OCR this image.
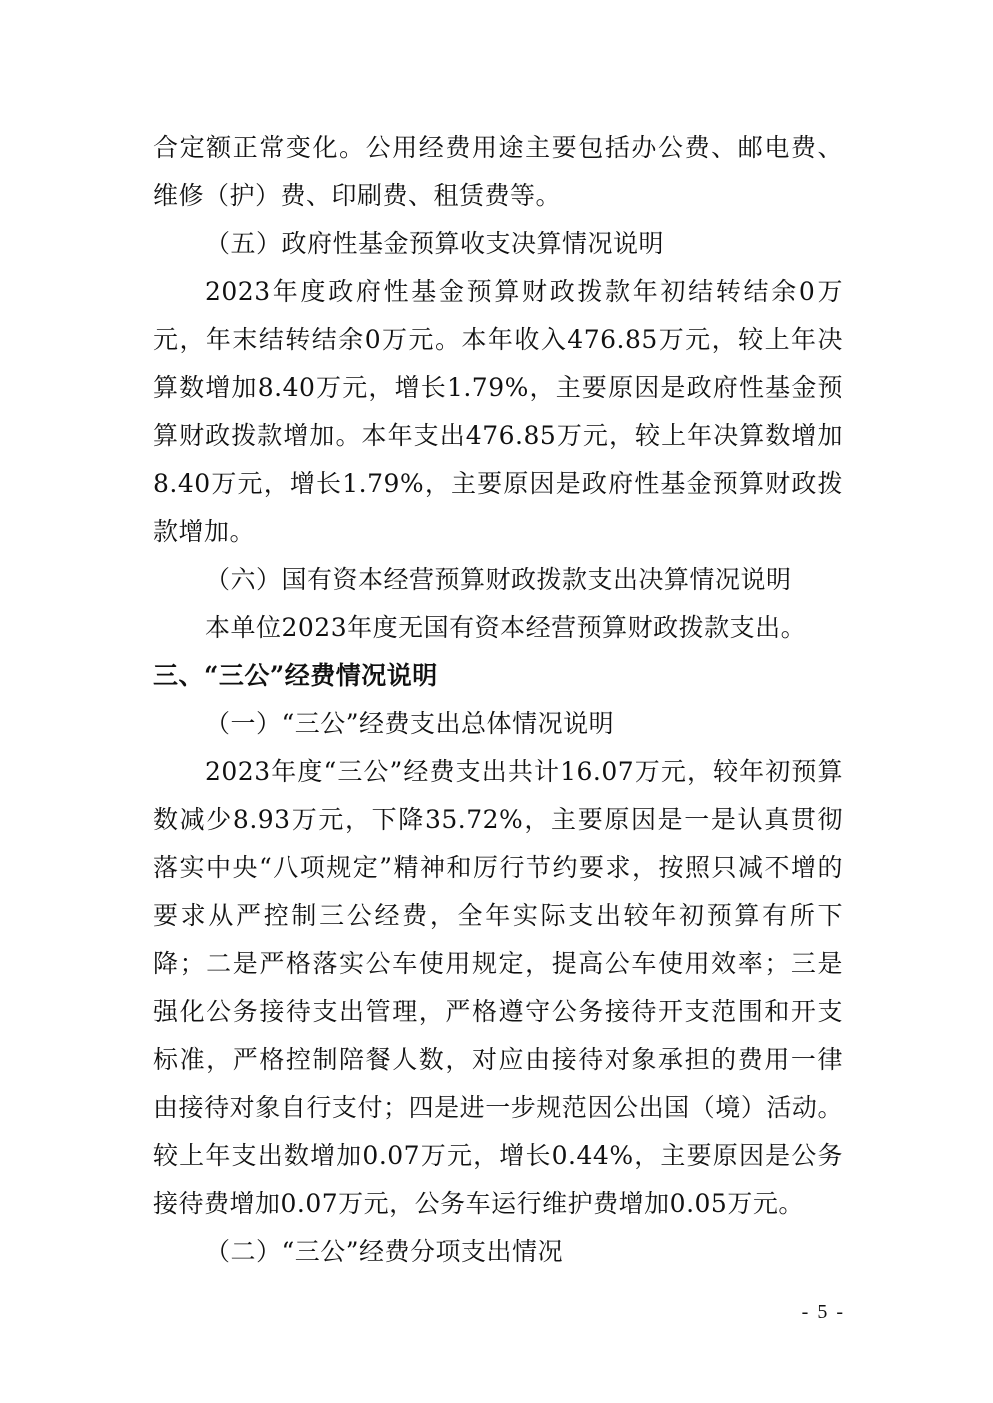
合定额正常变化。公用经费用途主要包括办公费、邮电费、
维修（护）费、印刷费、租赁费等。
（五）政府性基金预算收支决算情况说明
2023年度政府性基金预算财政拨款年初结转结余0万
元，年末结转结余0万元。本年收入476.85万元，较上年决
算数增加8.40万元，增长1.79%，主要原因是政府性基金预
算财政拨款增加。本年支出476.85万元，较上年决算数增加
8.40万元，增长1.79%，主要原因是政府性基金预算财政拨
款增加。
（六）国有资本经营预算财政拨款支出决算情况说明
本单位2023年度无国有资本经营预算财政拨款支出。
三、“三公”经费情况说明
（一）“三公”经费支出总体情况说明
2023年度“三公”经费支出共计16.07万元，较年初预算
数减少8.93万元，下降35.72%，主要原因是一是认真贯彻
落实中央“八项规定”精神和厉行节约要求，按照只减不增的
要求从严控制三公经费，全年实际支出较年初预算有所下
降；二是严格落实公车使用规定，提高公车使用效率；三是
强化公务接待支出管理，严格遵守公务接待开支范围和开支
标准，严格控制陪餐人数，对应由接待对象承担的费用一律
由接待对象自行支付；四是进一步规范因公出国（境）活动。
较上年支出数增加0.07万元，增长0.44%，主要原因是公务
接待费增加0.07万元，公务车运行维护费增加0.05万元。
（二）“三公”经费分项支出情况
- 5 -
